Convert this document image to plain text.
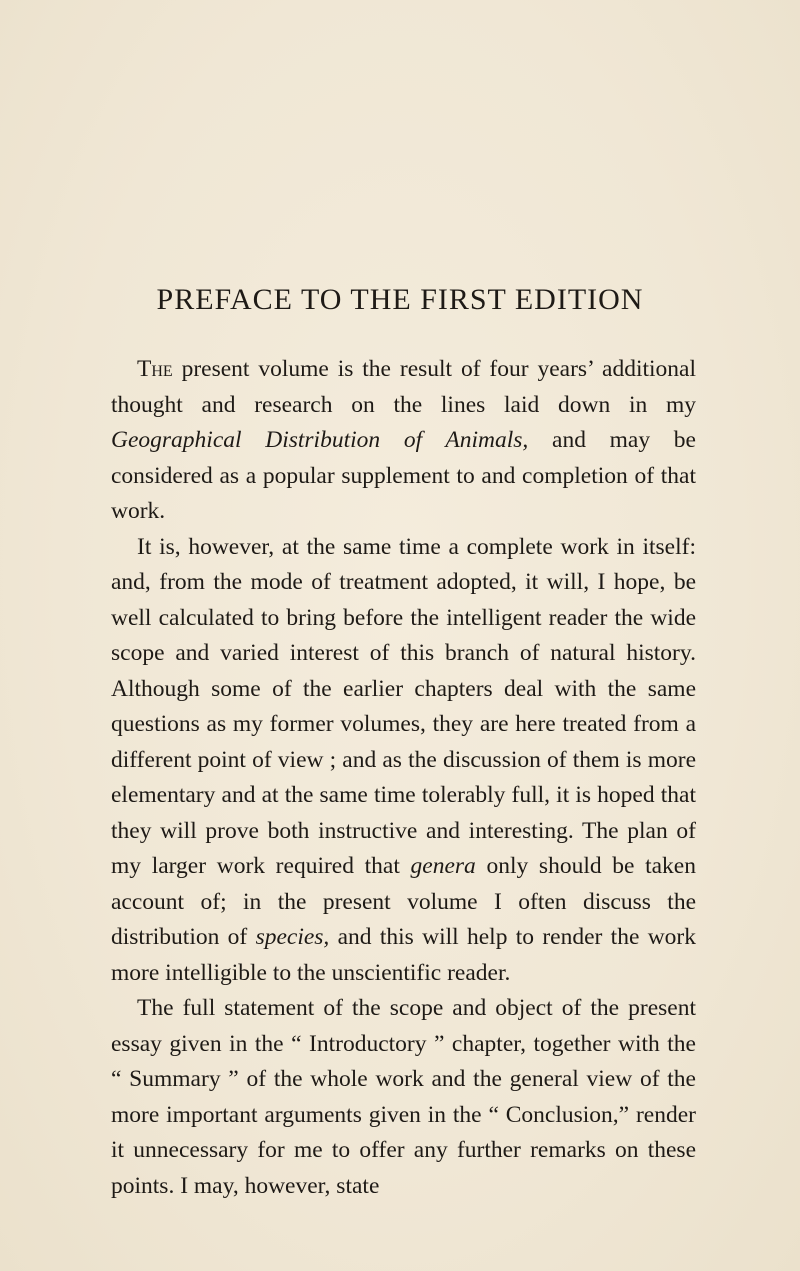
PREFACE TO THE FIRST EDITION

The present volume is the result of four years’ additional thought and research on the lines laid down in my Geographical Distribution of Animals, and may be considered as a popular supplement to and completion of that work.

It is, however, at the same time a complete work in itself: and, from the mode of treatment adopted, it will, I hope, be well calculated to bring before the intelligent reader the wide scope and varied interest of this branch of natural history. Although some of the earlier chapters deal with the same questions as my former volumes, they are here treated from a different point of view ; and as the discussion of them is more elementary and at the same time tolerably full, it is hoped that they will prove both instructive and interesting. The plan of my larger work required that genera only should be taken account of; in the present volume I often discuss the distribution of species, and this will help to render the work more intelligible to the unscientific reader.

The full statement of the scope and object of the present essay given in the “ Introductory ” chapter, together with the “ Summary ” of the whole work and the general view of the more important arguments given in the “ Conclusion,” render it unnecessary for me to offer any further remarks on these points. I may, however, state
